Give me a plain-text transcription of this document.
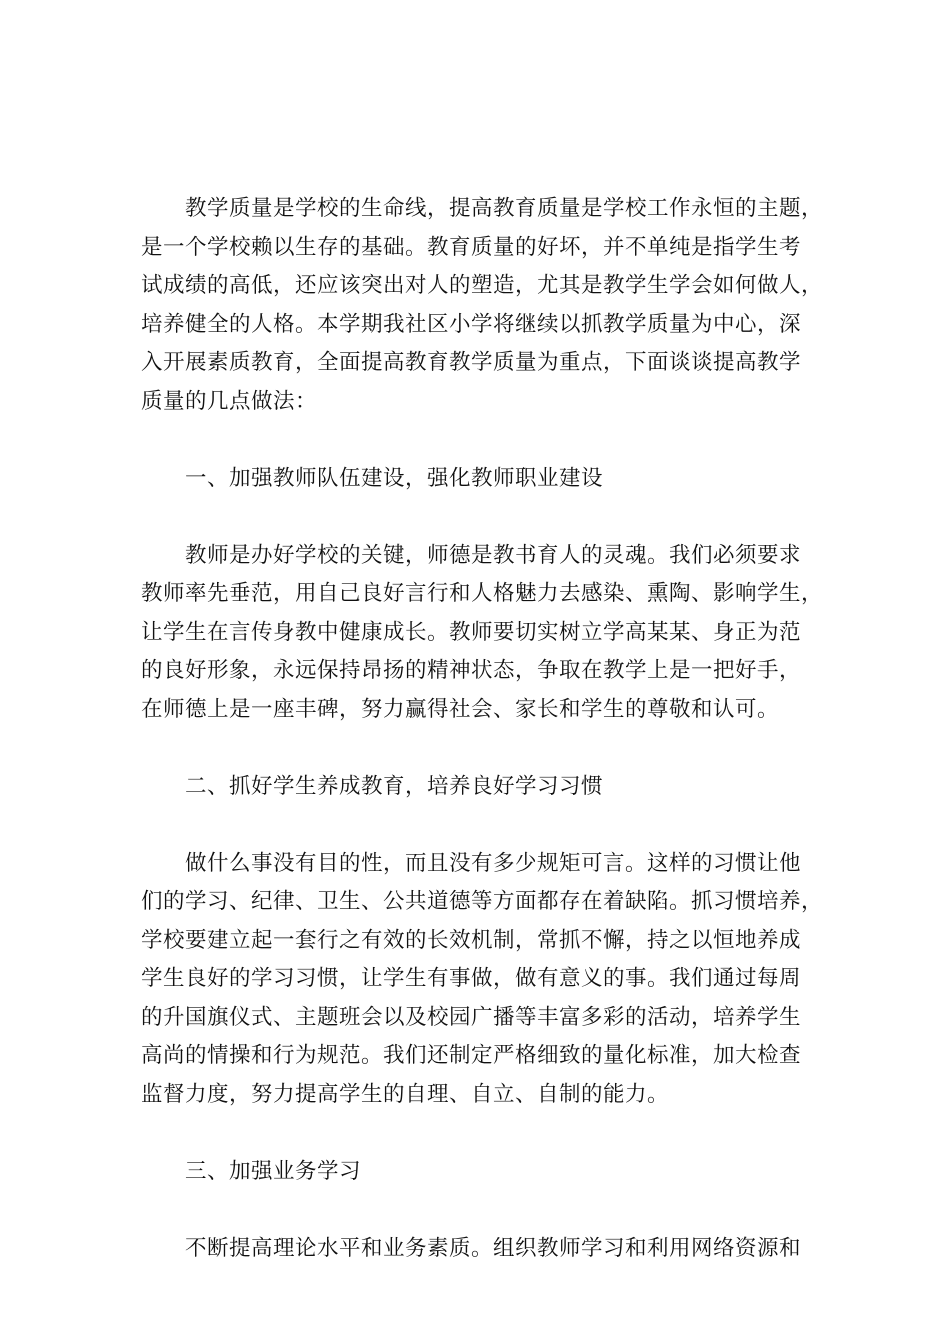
教学质量是学校的生命线，提高教育质量是学校工作永恒的主题，
是一个学校赖以生存的基础。教育质量的好坏，并不单纯是指学生考
试成绩的高低，还应该突出对人的塑造，尤其是教学生学会如何做人，
培养健全的人格。本学期我社区小学将继续以抓教学质量为中心，深
入开展素质教育，全面提高教育教学质量为重点，下面谈谈提高教学
质量的几点做法：
一、加强教师队伍建设，强化教师职业建设
教师是办好学校的关键，师德是教书育人的灵魂。我们必须要求
教师率先垂范，用自己良好言行和人格魅力去感染、熏陶、影响学生，
让学生在言传身教中健康成长。教师要切实树立学高某某、身正为范
的良好形象，永远保持昂扬的精神状态，争取在教学上是一把好手，
在师德上是一座丰碑，努力赢得社会、家长和学生的尊敬和认可。
二、抓好学生养成教育，培养良好学习习惯
做什么事没有目的性，而且没有多少规矩可言。这样的习惯让他
们的学习、纪律、卫生、公共道德等方面都存在着缺陷。抓习惯培养，
学校要建立起一套行之有效的长效机制，常抓不懈，持之以恒地养成
学生良好的学习习惯，让学生有事做，做有意义的事。我们通过每周
的升国旗仪式、主题班会以及校园广播等丰富多彩的活动，培养学生
高尚的情操和行为规范。我们还制定严格细致的量化标准，加大检查
监督力度，努力提高学生的自理、自立、自制的能力。
三、加强业务学习
不断提高理论水平和业务素质。组织教师学习和利用网络资源和
